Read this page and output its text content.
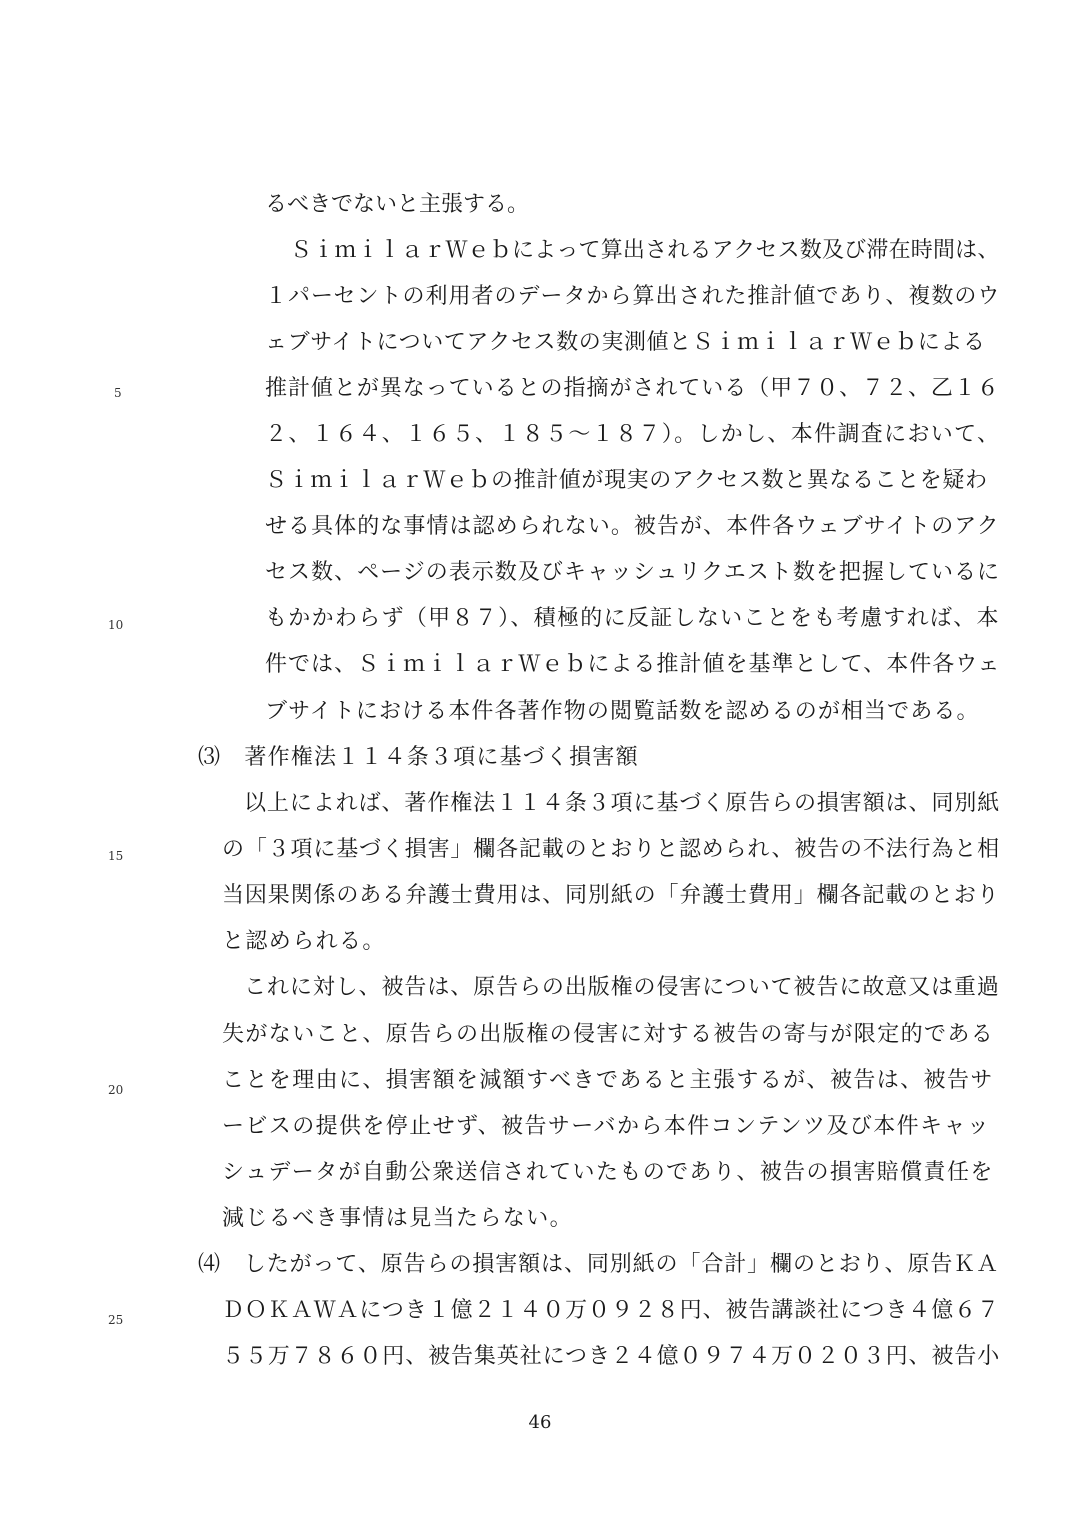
るべきでないと主張する。
ＳｉｍｉｌａｒＷｅｂによって算出されるアクセス数及び滞在時間は、
１パーセントの利用者のデータから算出された推計値であり、複数のウ
ェブサイトについてアクセス数の実測値とＳｉｍｉｌａｒＷｅｂによる
推計値とが異なっているとの指摘がされている（甲７０、７２、乙１６
２、１６４、１６５、１８５～１８７）。しかし、本件調査において、
ＳｉｍｉｌａｒＷｅｂの推計値が現実のアクセス数と異なることを疑わ
せる具体的な事情は認められない。被告が、本件各ウェブサイトのアク
セス数、ページの表示数及びキャッシュリクエスト数を把握しているに
もかかわらず（甲８７）、積極的に反証しないことをも考慮すれば、本
件では、ＳｉｍｉｌａｒＷｅｂによる推計値を基準として、本件各ウェ
ブサイトにおける本件各著作物の閲覧話数を認めるのが相当である。
⑶　著作権法１１４条３項に基づく損害額
以上によれば、著作権法１１４条３項に基づく原告らの損害額は、同別紙
の「３項に基づく損害」欄各記載のとおりと認められ、被告の不法行為と相
当因果関係のある弁護士費用は、同別紙の「弁護士費用」欄各記載のとおり
と認められる。
これに対し、被告は、原告らの出版権の侵害について被告に故意又は重過
失がないこと、原告らの出版権の侵害に対する被告の寄与が限定的である
ことを理由に、損害額を減額すべきであると主張するが、被告は、被告サ
ービスの提供を停止せず、被告サーバから本件コンテンツ及び本件キャッ
シュデータが自動公衆送信されていたものであり、被告の損害賠償責任を
減じるべき事情は見当たらない。
⑷　したがって、原告らの損害額は、同別紙の「合計」欄のとおり、原告ＫＡ
ＤＯＫＡＷＡにつき１億２１４０万０９２８円、被告講談社につき４億６７
５５万７８６０円、被告集英社につき２４億０９７４万０２０３円、被告小
5
10
15
20
25
46
